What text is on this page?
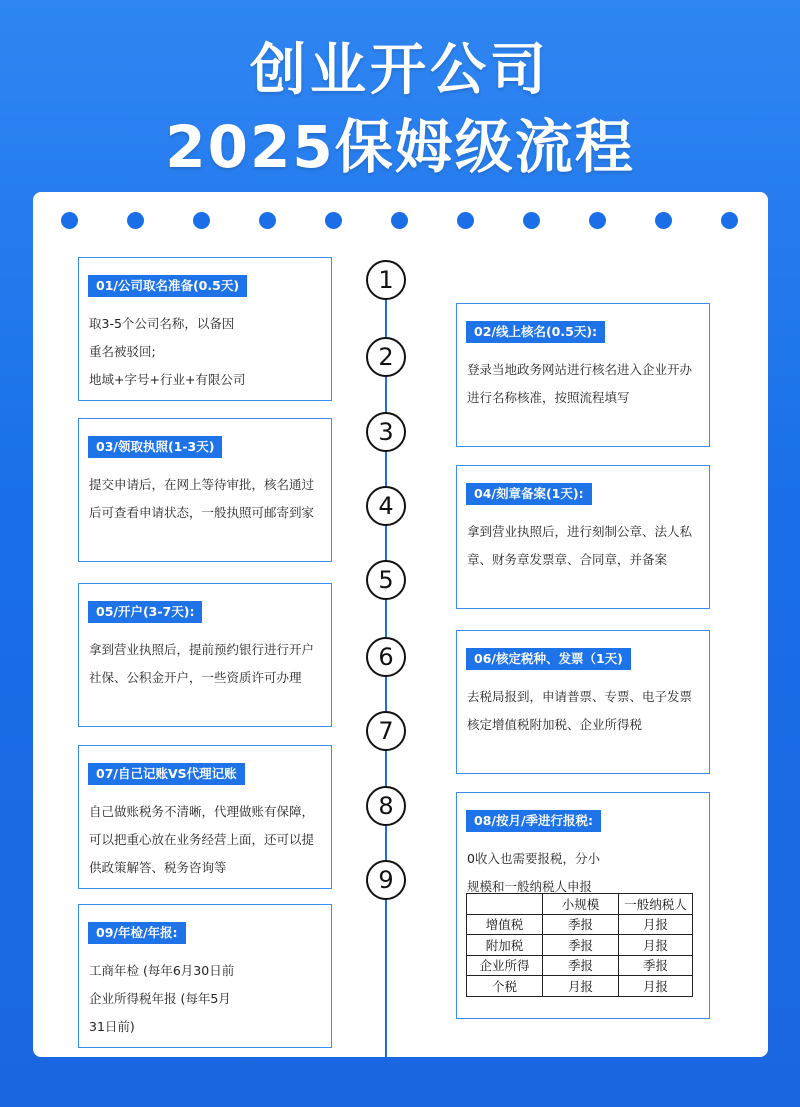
创业开公司
2025保姆级流程
1
2
3
4
5
6
7
8
9
01/公司取名准备(0.5天)
取3-5个公司名称，以备因
重名被驳回;
地域+字号+行业+有限公司
02/线上核名(0.5天):
登录当地政务网站进行核名进入企业开办
进行名称核准，按照流程填写
03/领取执照(1-3天)
提交申请后，在网上等待审批，核名通过
后可查看申请状态，一般执照可邮寄到家
04/刻章备案(1天):
拿到营业执照后，进行刻制公章、法人私
章、财务章发票章、合同章，并备案
05/开户(3-7天):
拿到营业执照后，提前预约银行进行开户
社保、公积金开户，一些资质许可办理
06/核定税种、发票（1天)
去税局报到，申请普票、专票、电子发票
核定增值税附加税、企业所得税
07/自己记账VS代理记账
自己做账税务不清晰，代理做账有保障，
可以把重心放在业务经营上面，还可以提
供政策解答、税务咨询等
08/按月/季进行报税:
0收入也需要报税，分小
规模和一般纳税人申报
	小规模	一般纳税人
增值税	季报	月报
附加税	季报	月报
企业所得	季报	季报
个税	月报	月报
09/年检/年报:
工商年检 (每年6月30日前
企业所得税年报 (每年5月
31日前)
